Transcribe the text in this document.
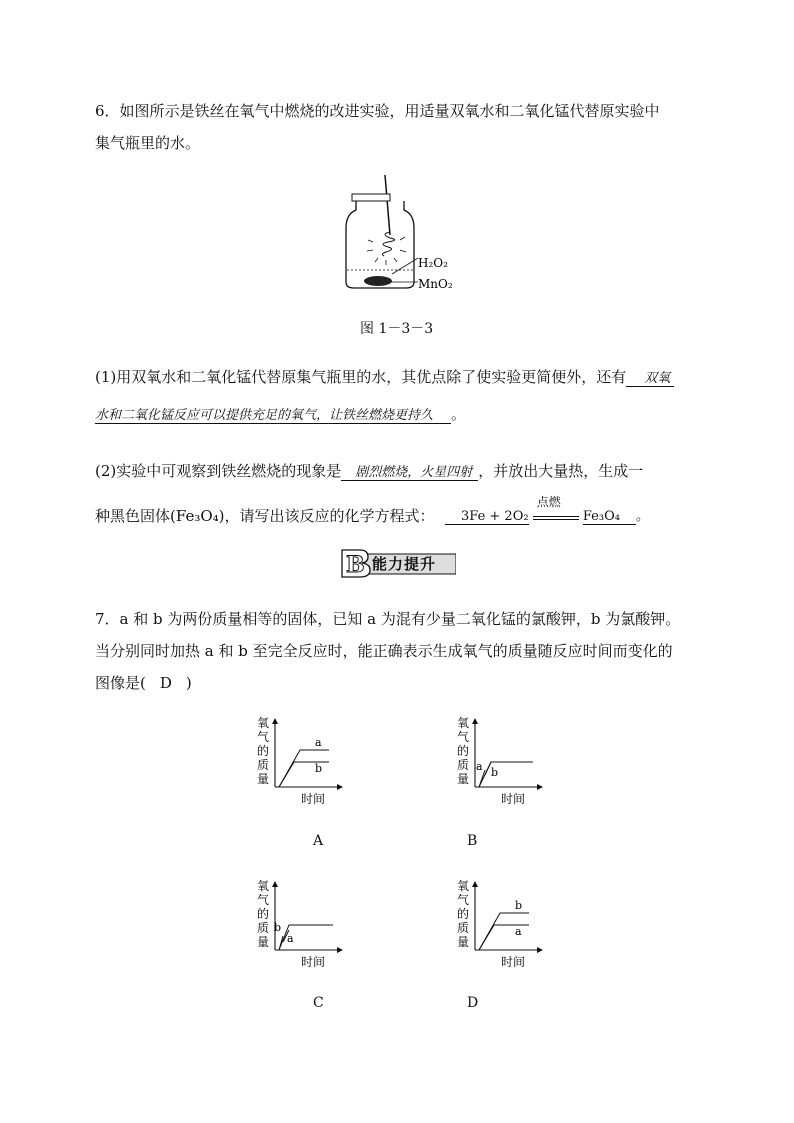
6．如图所示是铁丝在氧气中燃烧的改进实验，用适量双氧水和二氧化锰代替原实验中
集气瓶里的水。
H₂O₂
MnO₂
图 1－3－3
(1)用双氧水和二氧化锰代替原集气瓶里的水，其优点除了使实验更简便外，还有 双氧
水和二氧化锰反应可以提供充足的氧气，让铁丝燃烧更持久 。
(2)实验中可观察到铁丝燃烧的现象是 剧烈燃烧，火星四射 ，并放出大量热，生成一
种黑色固体(Fe₃O₄)，请写出该反应的化学方程式：	3Fe + 2O₂
点燃
Fe₃O₄ 。
B 能力提升
7．a 和 b 为两份质量相等的固体，已知 a 为混有少量二氧化锰的氯酸钾，b 为氯酸钾。
当分别同时加热 a 和 b 至完全反应时，能正确表示生成氧气的质量随反应时间而变化的
图像是( D )
氧
气
的
质
量
时间
a
b
A
氧
气
的
质
量
时间
a b
B
氧
气
的
质
量
时间
b
a
C
氧
气
的
质
量
时间
b
a
D
